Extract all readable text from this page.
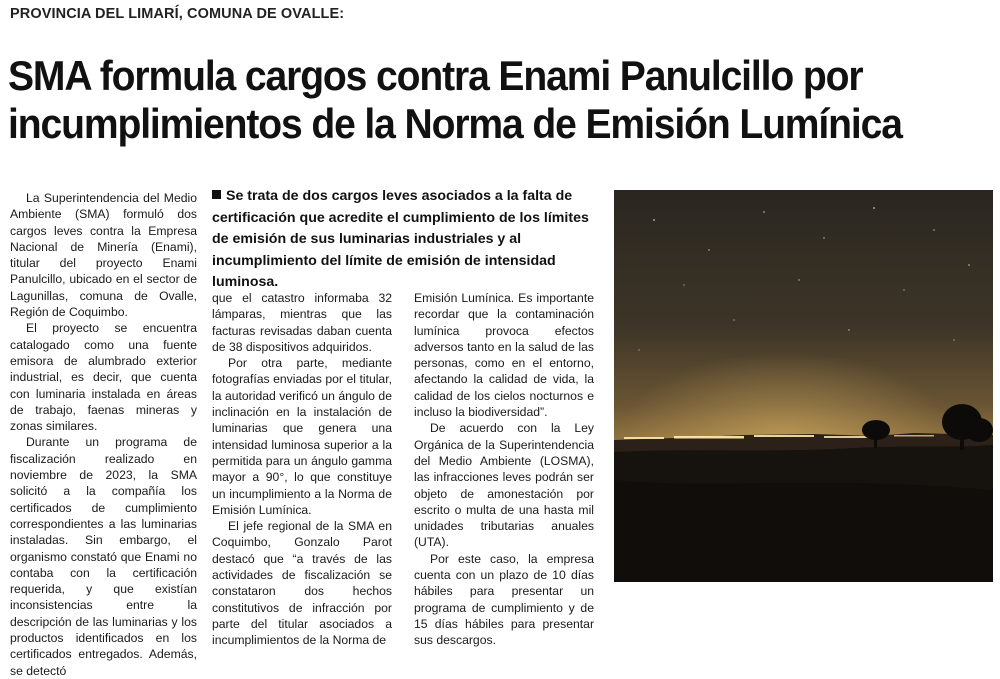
PROVINCIA DEL LIMARÍ, COMUNA DE OVALLE:
SMA formula cargos contra Enami Panulcillo por incumplimientos de la Norma de Emisión Lumínica

La Superintendencia del Medio Ambiente (SMA) formuló dos cargos leves contra la Empresa Nacional de Minería (Enami), titular del proyecto Enami Panulcillo, ubicado en el sector de Lagunillas, comuna de Ovalle, Región de Coquimbo.

El proyecto se encuentra catalogado como una fuente emisora de alumbrado exterior industrial, es decir, que cuenta con luminaria instalada en áreas de trabajo, faenas mineras y zonas similares.

Durante un programa de fiscalización realizado en noviembre de 2023, la SMA solicitó a la compañía los certificados de cumplimiento correspondientes a las luminarias instaladas. Sin embargo, el organismo constató que Enami no contaba con la certificación requerida, y que existían inconsistencias entre la descripción de las luminarias y los productos identificados en los certificados entregados. Además, se detectó

Se trata de dos cargos leves asociados a la falta de certificación que acredite el cumplimiento de los límites de emisión de sus luminarias industriales y al incumplimiento del límite de emisión de intensidad luminosa.

que el catastro informaba 32 lámparas, mientras que las facturas revisadas daban cuenta de 38 dispositivos adquiridos.

Por otra parte, mediante fotografías enviadas por el titular, la autoridad verificó un ángulo de inclinación en la instalación de luminarias que genera una intensidad luminosa superior a la permitida para un ángulo gamma mayor a 90°, lo que constituye un incumplimiento a la Norma de Emisión Lumínica.

El jefe regional de la SMA en Coquimbo, Gonzalo Parot destacó que “a través de las actividades de fiscalización se constataron dos hechos constitutivos de infracción por parte del titular asociados a incumplimientos de la Norma de

Emisión Lumínica. Es importante recordar que la contaminación lumínica provoca efectos adversos tanto en la salud de las personas, como en el entorno, afectando la calidad de vida, la calidad de los cielos nocturnos e incluso la biodiversidad”.

De acuerdo con la Ley Orgánica de la Superintendencia del Medio Ambiente (LOSMA), las infracciones leves podrán ser objeto de amonestación por escrito o multa de una hasta mil unidades tributarias anuales (UTA).

Por este caso, la empresa cuenta con un plazo de 10 días hábiles para presentar un programa de cumplimiento y de 15 días hábiles para presentar sus descargos.
